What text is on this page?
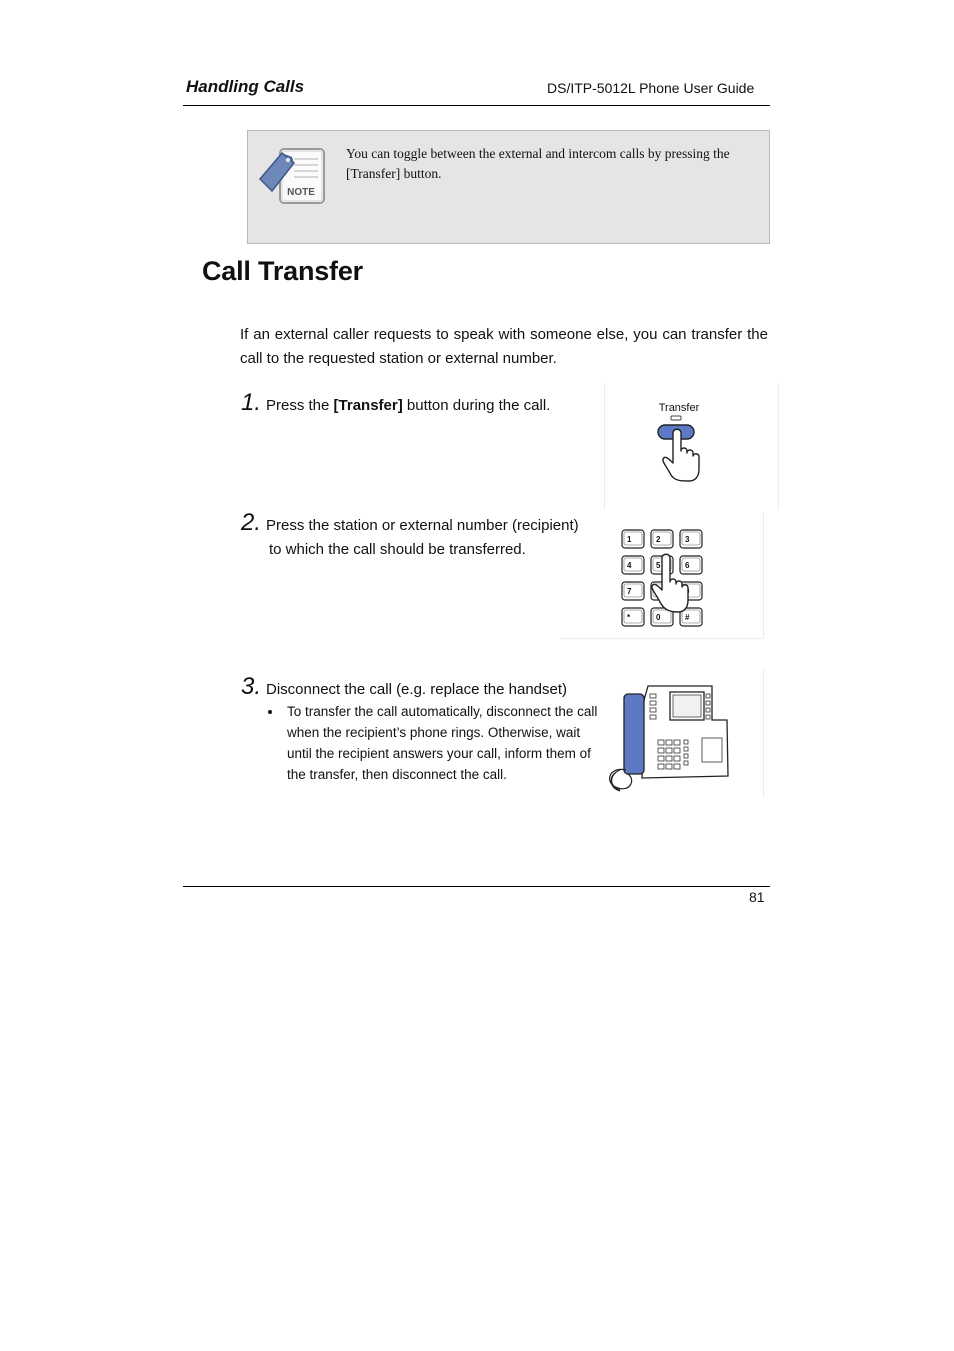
Handling Calls	DS/ITP-5012L Phone User Guide
NOTE
You can toggle between the external and intercom calls by pressing the [Transfer] button.
Call Transfer
If an external caller requests to speak with someone else, you can transfer the call to the requested station or external number.
1. Press the [Transfer] button during the call.	Transfer
2. Press the station or external number (recipient)
to which the call should be transferred.
1	2	3
4	5	6
7
*	0	#
3. Disconnect the call (e.g. replace the handset)
To transfer the call automatically, disconnect the call when the recipient’s phone rings. Otherwise, wait until the recipient answers your call, inform them of the transfer, then disconnect the call.
81
